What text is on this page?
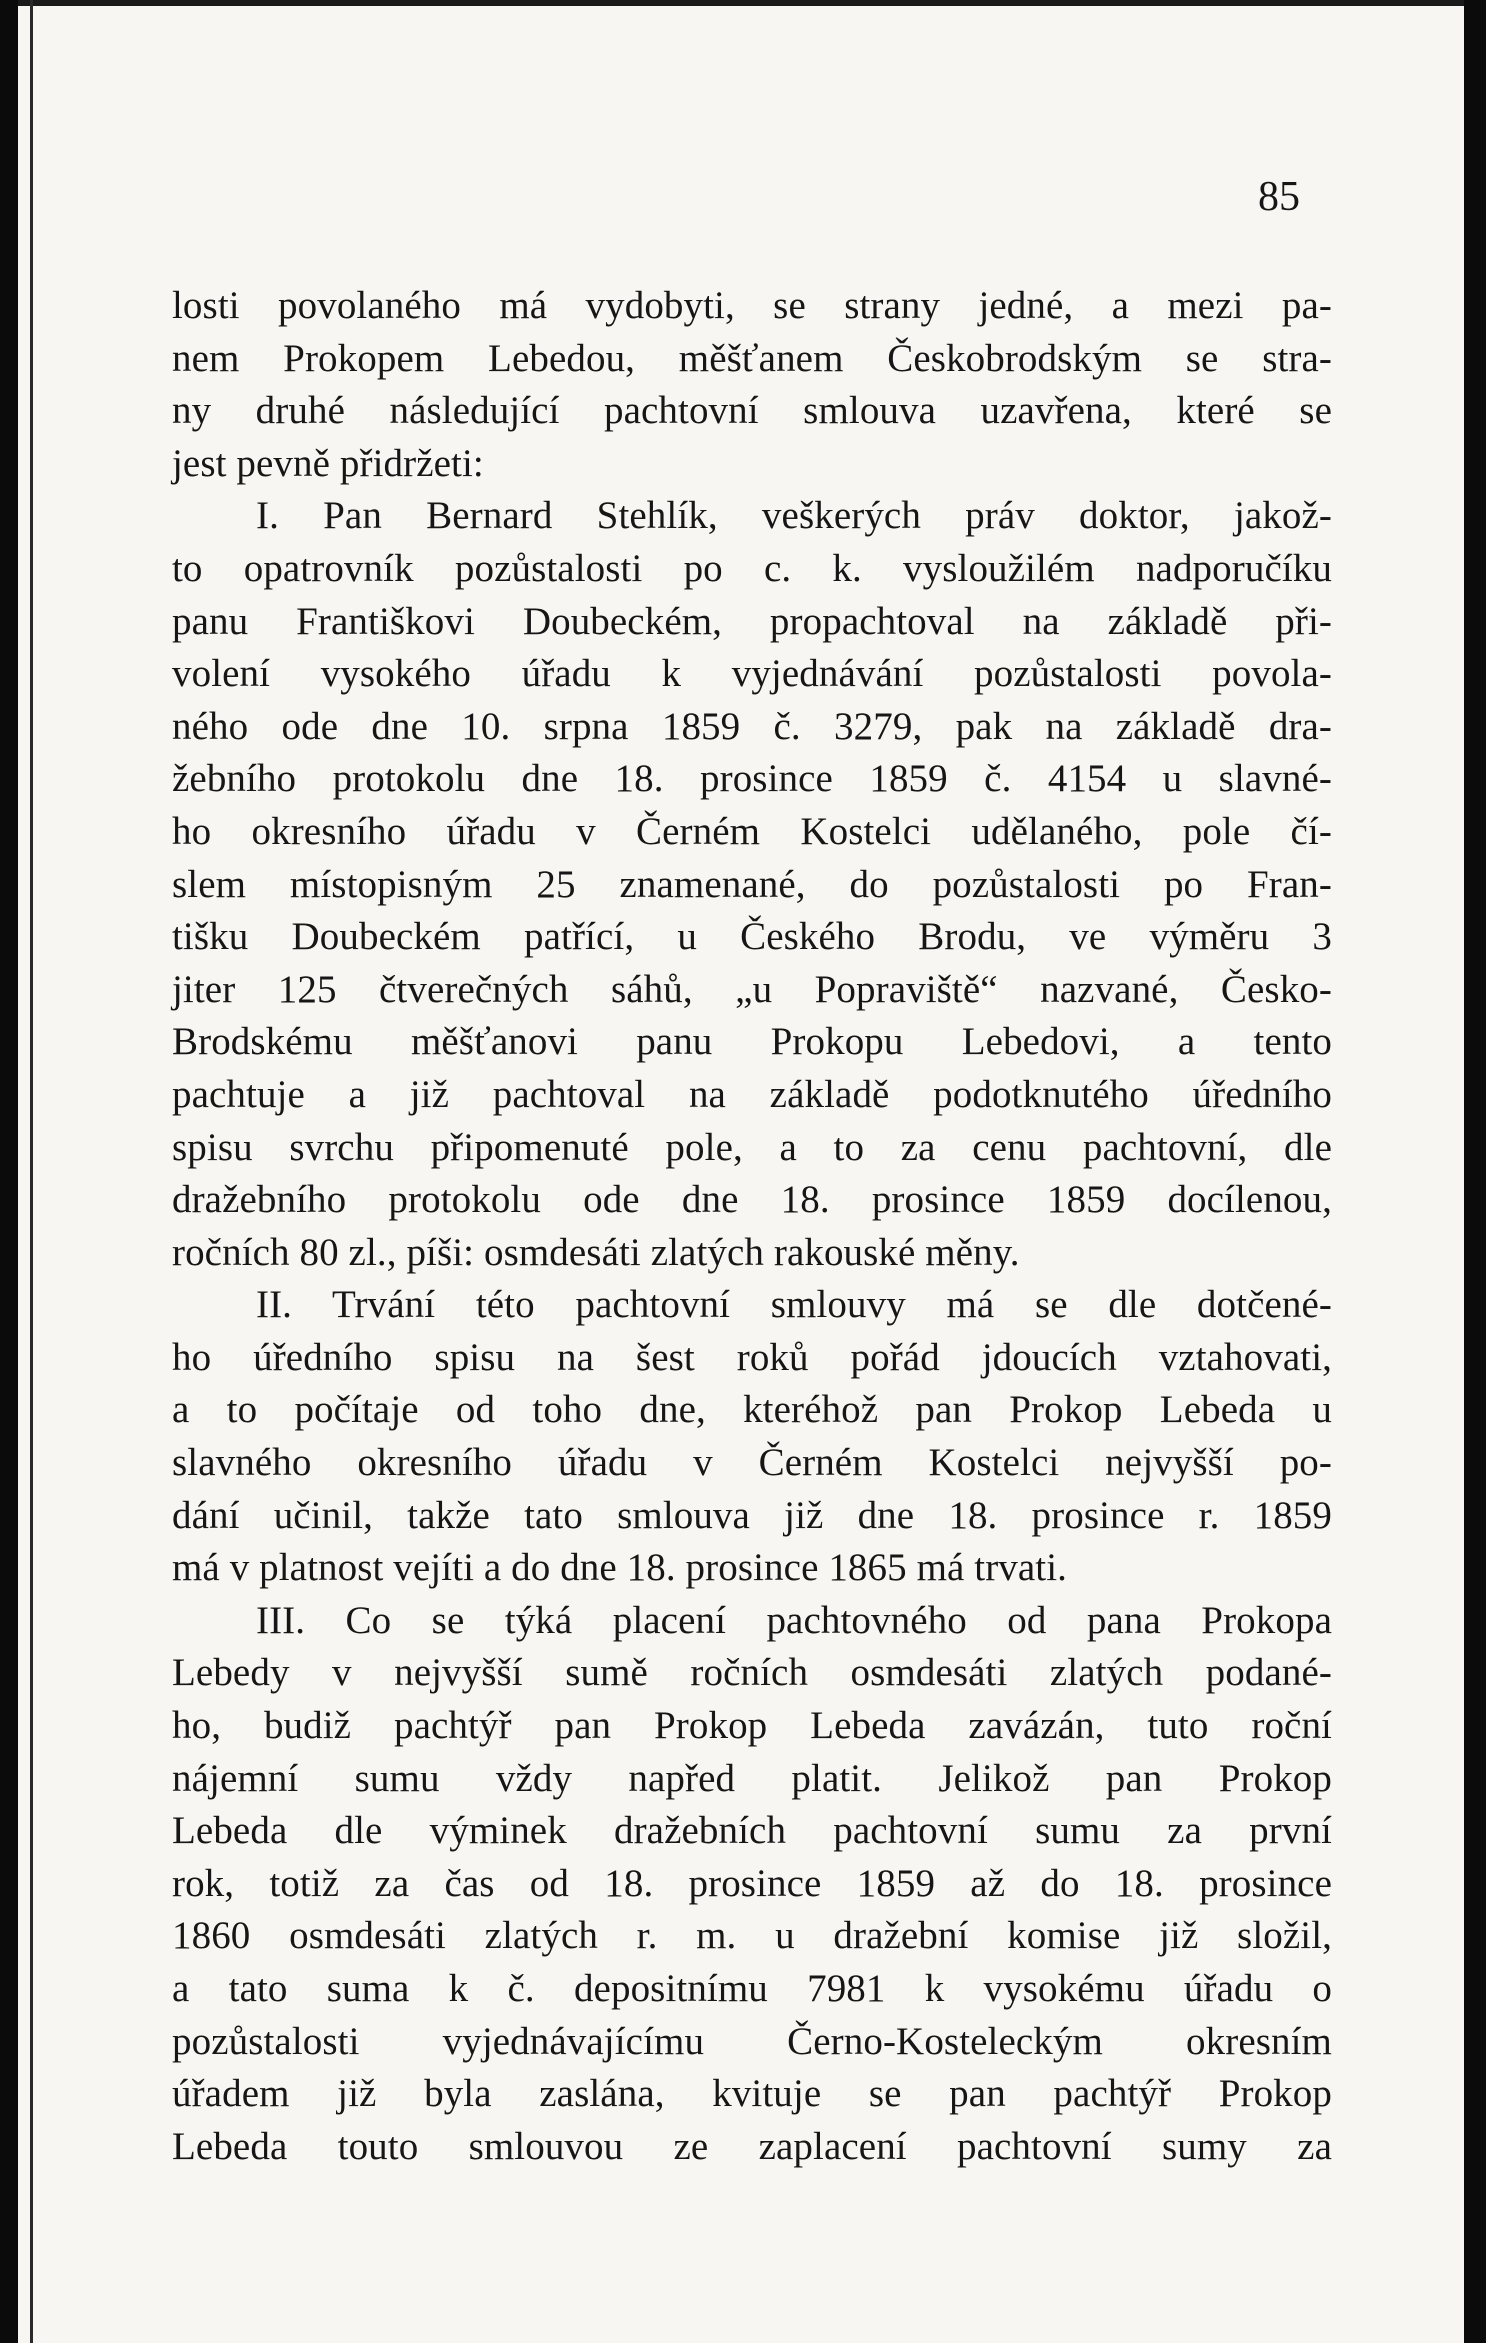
85
losti povolaného má vydobyti, se strany jedné, a mezi pa-
nem Prokopem Lebedou, měšťanem Českobrodským se stra-
ny druhé následující pachtovní smlouva uzavřena, které se
jest pevně přidržeti:
I. Pan Bernard Stehlík, veškerých práv doktor, jakož-
to opatrovník pozůstalosti po c. k. vysloužilém nadporučíku
panu Františkovi Doubeckém, propachtoval na základě při-
volení vysokého úřadu k vyjednávání pozůstalosti povola-
ného ode dne 10. srpna 1859 č. 3279, pak na základě dra-
žebního protokolu dne 18. prosince 1859 č. 4154 u slavné-
ho okresního úřadu v Černém Kostelci udělaného, pole čí-
slem místopisným 25 znamenané, do pozůstalosti po Fran-
tišku Doubeckém patřící, u Českého Brodu, ve výměru 3
jiter 125 čtverečných sáhů, „u Popraviště“ nazvané, Česko-
Brodskému měšťanovi panu Prokopu Lebedovi, a tento
pachtuje a již pachtoval na základě podotknutého úředního
spisu svrchu připomenuté pole, a to za cenu pachtovní, dle
dražebního protokolu ode dne 18. prosince 1859 docílenou,
ročních 80 zl., píši: osmdesáti zlatých rakouské měny.
II. Trvání této pachtovní smlouvy má se dle dotčené-
ho úředního spisu na šest roků pořád jdoucích vztahovati,
a to počítaje od toho dne, kteréhož pan Prokop Lebeda u
slavného okresního úřadu v Černém Kostelci nejvyšší po-
dání učinil, takže tato smlouva již dne 18. prosince r. 1859
má v platnost vejíti a do dne 18. prosince 1865 má trvati.
III. Co se týká placení pachtovného od pana Prokopa
Lebedy v nejvyšší sumě ročních osmdesáti zlatých podané-
ho, budiž pachtýř pan Prokop Lebeda zavázán, tuto roční
nájemní sumu vždy napřed platit. Jelikož pan Prokop
Lebeda dle výminek dražebních pachtovní sumu za první
rok, totiž za čas od 18. prosince 1859 až do 18. prosince
1860 osmdesáti zlatých r. m. u dražební komise již složil,
a tato suma k č. depositnímu 7981 k vysokému úřadu o
pozůstalosti vyjednávajícímu Černo-Kosteleckým okresním
úřadem již byla zaslána, kvituje se pan pachtýř Prokop
Lebeda touto smlouvou ze zaplacení pachtovní sumy za
